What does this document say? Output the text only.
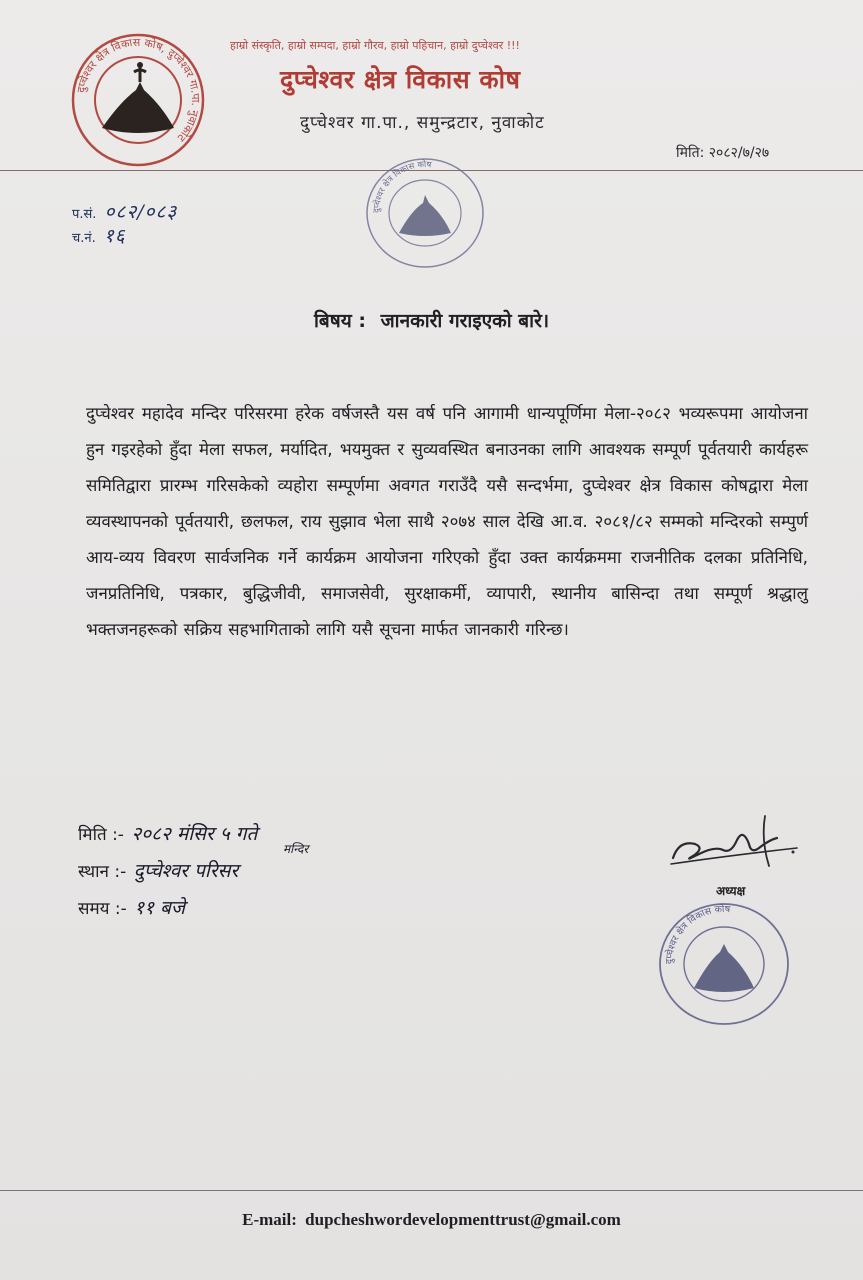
दुप्चेश्वर क्षेत्र विकास कोष, दुप्चेश्वर गा.पा. नुवाकोट
हाम्रो संस्कृति, हाम्रो सम्पदा, हाम्रो गौरव, हाम्रो पहिचान, हाम्रो दुप्चेश्वर !!!
दुप्चेश्वर क्षेत्र विकास कोष
दुप्चेश्वर गा.पा., समुन्द्रटार, नुवाकोट
मिति: २०८२/७/२७
प.सं. ०८२/०८३
च.नं. १६
दुप्चेश्वर क्षेत्र विकास कोष
बिषय : जानकारी गराइएको बारे।
दुप्चेश्वर महादेव मन्दिर परिसरमा हरेक वर्षजस्तै यस वर्ष पनि आगामी धान्यपूर्णिमा मेला-२०८२ भव्यरूपमा आयोजना हुन गइरहेको हुँदा मेला सफल, मर्यादित, भयमुक्त र सुव्यवस्थित बनाउनका लागि आवश्यक सम्पूर्ण पूर्वतयारी कार्यहरू समितिद्वारा प्रारम्भ गरिसकेको व्यहोरा सम्पूर्णमा अवगत गराउँदै यसै सन्दर्भमा, दुप्चेश्वर क्षेत्र विकास कोषद्वारा मेला व्यवस्थापनको पूर्वतयारी, छलफल, राय सुझाव भेला साथै २०७४ साल देखि आ.व. २०८१/८२ सम्मको मन्दिरको सम्पुर्ण आय-व्यय विवरण सार्वजनिक गर्ने कार्यक्रम आयोजना गरिएको हुँदा उक्त कार्यक्रममा राजनीतिक दलका प्रतिनिधि, जनप्रतिनिधि, पत्रकार, बुद्धिजीवी, समाजसेवी, सुरक्षाकर्मी, व्यापारी, स्थानीय बासिन्दा तथा सम्पूर्ण श्रद्धालु भक्तजनहरूको सक्रिय सहभागिताको लागि यसै सूचना मार्फत जानकारी गरिन्छ।
मिति :- २०८२ मंसिर ५ गते
स्थान :- दुप्चेश्वर परिसर
मन्दिर
समय :- ११ बजे
अध्यक्ष
दुप्चेश्वर क्षेत्र विकास कोष
E-mail: dupcheshwordevelopmenttrust@gmail.com
